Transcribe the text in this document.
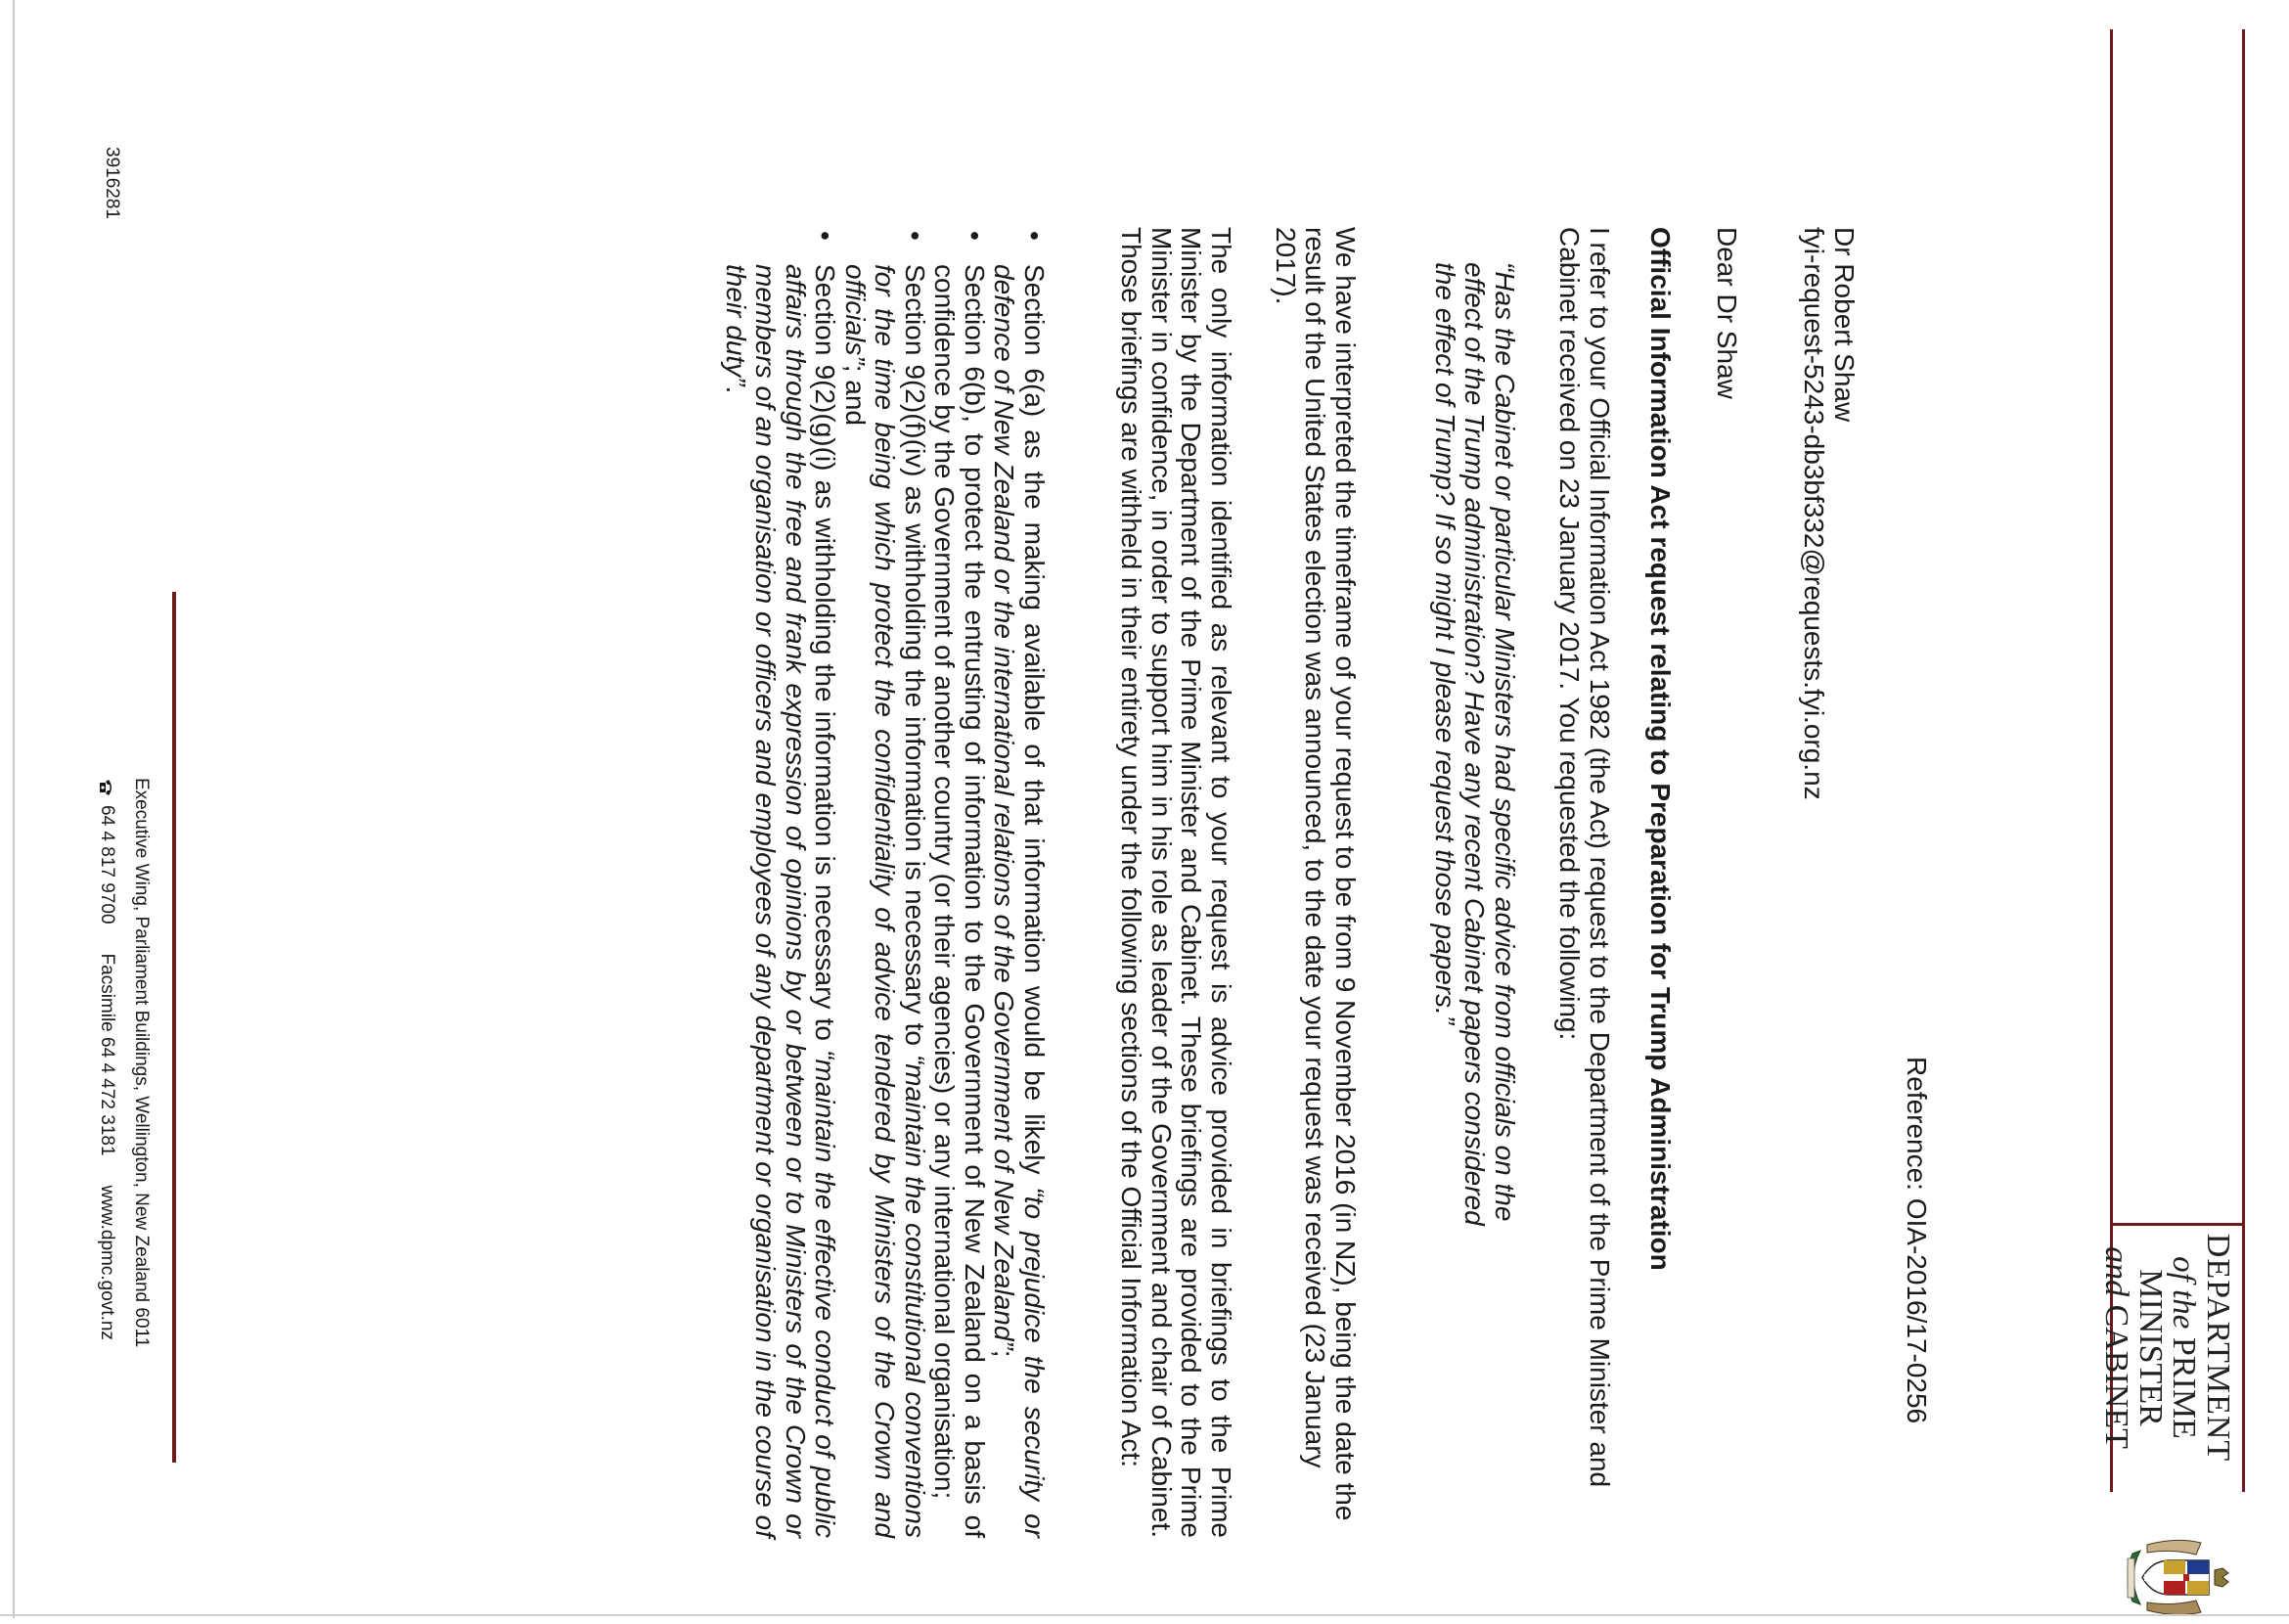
DEPARTMENT
of the PRIME MINISTER
and CABINET
Reference: OIA-2016/17-0256
Dr Robert Shaw
fyi-request-5243-db3bf332@requests.fyi.org.nz
Dear Dr Shaw
Official Information Act request relating to Preparation for Trump Administration
I refer to your Official Information Act 1982 (the Act) request to the Department of the Prime Minister and Cabinet received on 23 January 2017. You requested the following:
“Has the Cabinet or particular Ministers had specific advice from officials on the effect of the Trump administration? Have any recent Cabinet papers considered the effect of Trump? If so might I please request those papers.”
We have interpreted the timeframe of your request to be from 9 November 2016 (in NZ), being the date the result of the United States election was announced, to the date your request was received (23 January 2017).
The only information identified as relevant to your request is advice provided in briefings to the Prime Minister by the Department of the Prime Minister and Cabinet. These briefings are provided to the Prime Minister in confidence, in order to support him in his role as leader of the Government and chair of Cabinet. Those briefings are withheld in their entirety under the following sections of the Official Information Act:
•
Section 6(a) as the making available of that information would be likely “to prejudice the security or defence of New Zealand or the international relations of the Government of New Zealand”;
•
Section 6(b), to protect the entrusting of information to the Government of New Zealand on a basis of confidence by the Government of another country (or their agencies) or any international organisation;
•
Section 9(2)(f)(iv) as withholding the information is necessary to “maintain the constitutional conventions for the time being which protect the confidentiality of advice tendered by Ministers of the Crown and officials”; and
•
Section 9(2)(g)(i) as withholding the information is necessary to “maintain the effective conduct of public affairs through the free and frank expression of opinions by or between or to Ministers of the Crown or members of an organisation or officers and employees of any department or organisation in the course of their duty”.
Executive Wing, Parliament Buildings, Wellington, New Zealand 6011
64 4 817 9700Facsimile 64 4 472 3181www.dpmc.govt.nz
3916281
